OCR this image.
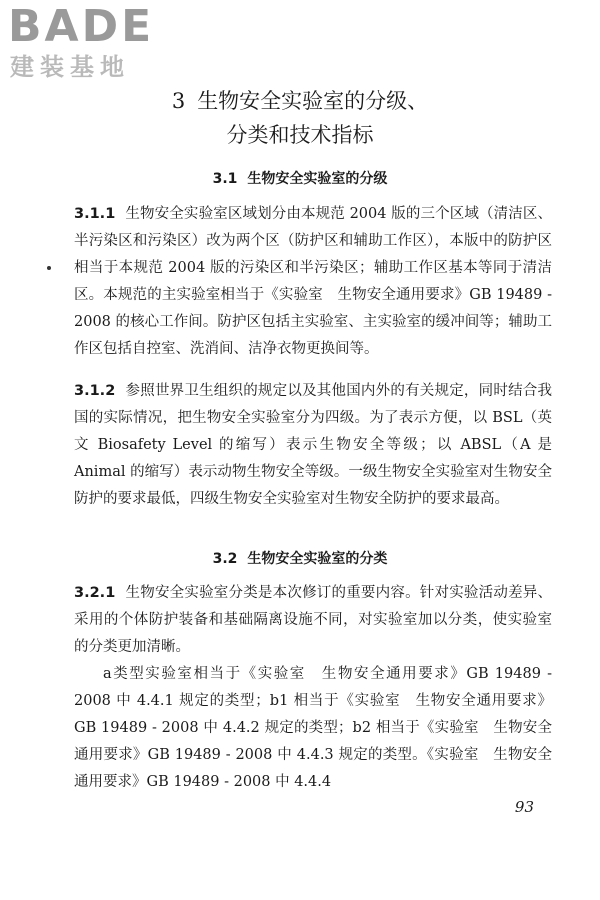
BADE
建装基地
3 生物安全实验室的分级、
分类和技术指标
3.1 生物安全实验室的分级
3.1.1 生物安全实验室区域划分由本规范 2004 版的三个区域（清洁区、半污染区和污染区）改为两个区（防护区和辅助工作区），本版中的防护区相当于本规范 2004 版的污染区和半污染区；辅助工作区基本等同于清洁区。本规范的主实验室相当于《实验室　生物安全通用要求》GB 19489 - 2008 的核心工作间。防护区包括主实验室、主实验室的缓冲间等；辅助工作区包括自控室、洗消间、洁净衣物更换间等。
3.1.2 参照世界卫生组织的规定以及其他国内外的有关规定，同时结合我国的实际情况，把生物安全实验室分为四级。为了表示方便，以 BSL（英文 Biosafety Level 的缩写）表示生物安全等级；以 ABSL（A 是 Animal 的缩写）表示动物生物安全等级。一级生物安全实验室对生物安全防护的要求最低，四级生物安全实验室对生物安全防护的要求最高。
3.2 生物安全实验室的分类
3.2.1 生物安全实验室分类是本次修订的重要内容。针对实验活动差异、采用的个体防护装备和基础隔离设施不同，对实验室加以分类，使实验室的分类更加清晰。
a类型实验室相当于《实验室　生物安全通用要求》GB 19489 - 2008 中 4.4.1 规定的类型；b1 相当于《实验室　生物安全通用要求》GB 19489 - 2008 中 4.4.2 规定的类型；b2 相当于《实验室　生物安全通用要求》GB 19489 - 2008 中 4.4.3 规定的类型。《实验室　生物安全通用要求》GB 19489 - 2008 中 4.4.4
93
